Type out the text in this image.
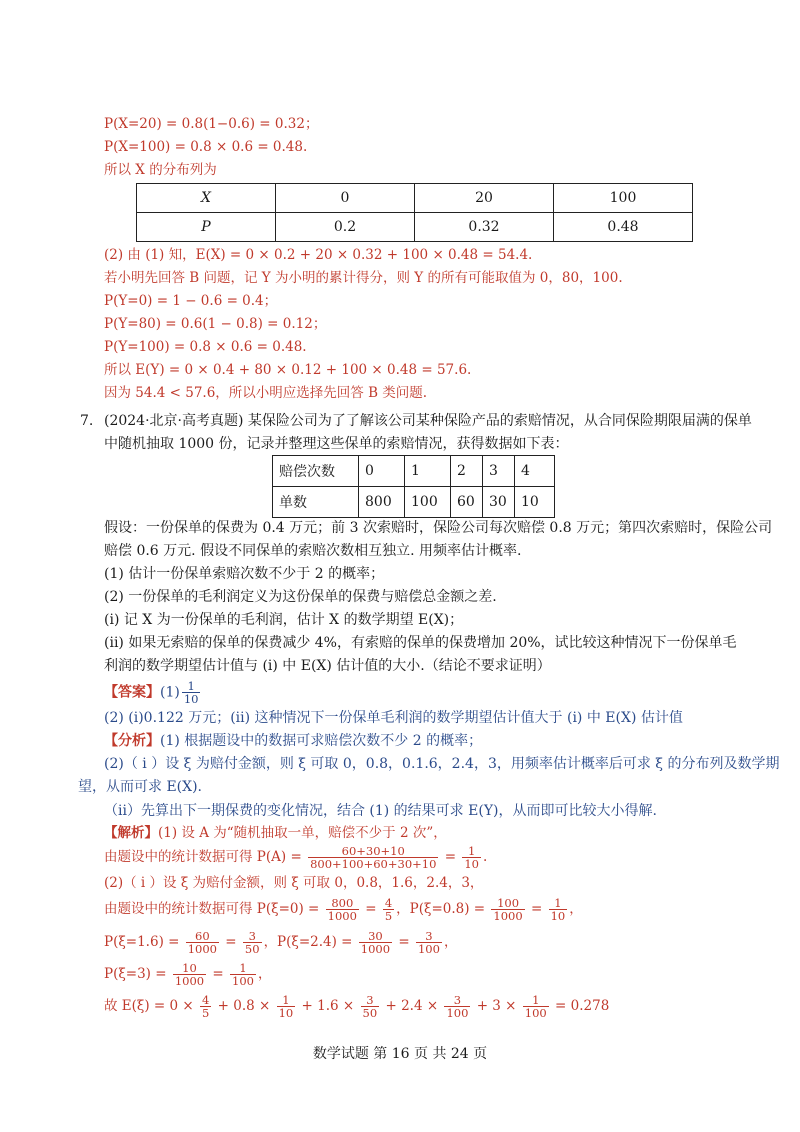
P(X=20) = 0.8(1−0.6) = 0.32；
P(X=100) = 0.8 × 0.6 = 0.48.
所以 X 的分布列为
X	0	20	100
P	0.2	0.32	0.48
(2) 由 (1) 知，E(X) = 0 × 0.2 + 20 × 0.32 + 100 × 0.48 = 54.4.
若小明先回答 B 问题，记 Y 为小明的累计得分，则 Y 的所有可能取值为 0，80，100.
P(Y=0) = 1 − 0.6 = 0.4；
P(Y=80) = 0.6(1 − 0.8) = 0.12；
P(Y=100) = 0.8 × 0.6 = 0.48.
所以 E(Y) = 0 × 0.4 + 80 × 0.12 + 100 × 0.48 = 57.6.
因为 54.4 < 57.6，所以小明应选择先回答 B 类问题.
7. (2024·北京·高考真题) 某保险公司为了了解该公司某种保险产品的索赔情况，从合同保险期限届满的保单
中随机抽取 1000 份，记录并整理这些保单的索赔情况，获得数据如下表：
赔偿次数	0	1	2	3	4
单数	800	100	60	30	10
假设：一份保单的保费为 0.4 万元；前 3 次索赔时，保险公司每次赔偿 0.8 万元；第四次索赔时，保险公司
赔偿 0.6 万元. 假设不同保单的索赔次数相互独立. 用频率估计概率.
(1) 估计一份保单索赔次数不少于 2 的概率；
(2) 一份保单的毛利润定义为这份保单的保费与赔偿总金额之差.
(i) 记 X 为一份保单的毛利润，估计 X 的数学期望 E(X)；
(ii) 如果无索赔的保单的保费减少 4%，有索赔的保单的保费增加 20%，试比较这种情况下一份保单毛
利润的数学期望估计值与 (i) 中 E(X) 估计值的大小.（结论不要求证明）
【答案】$(1) \frac{1}{10}$
(2) (i)0.122 万元；(ii) 这种情况下一份保单毛利润的数学期望估计值大于 (i) 中 E(X) 估计值
【分析】(1) 根据题设中的数据可求赔偿次数不少 2 的概率；
(2)（ i ）设 ξ 为赔付金额，则 ξ 可取 0，0.8，0.1.6，2.4，3，用频率估计概率后可求 ξ 的分布列及数学期
望，从而可求 E(X).
（ii）先算出下一期保费的变化情况，结合 (1) 的结果可求 E(Y)，从而即可比较大小得解.
【解析】(1) 设 A 为“随机抽取一单，赔偿不少于 2 次”，
由题设中的统计数据可得 $P(A) = \frac{60+30+10}{800+100+60+30+10} = \frac{1}{10}$ .
(2)（ i ）设 ξ 为赔付金额，则 ξ 可取 0，0.8，1.6，2.4，3，
由题设中的统计数据可得 $P(\xi=0) = \frac{800}{1000} = \frac{4}{5}$ ，$P(\xi=0.8) = \frac{100}{1000} = \frac{1}{10}$ ，
$P(\xi=1.6) = \frac{60}{1000} = \frac{3}{50}$ ，$P(\xi=2.4) = \frac{30}{1000} = \frac{3}{100}$ ，
$P(\xi=3) = \frac{10}{1000} = \frac{1}{100}$ ，
故 $E(\xi) = 0 \times \frac{4}{5} + 0.8 \times \frac{1}{10} + 1.6 \times \frac{3}{50} + 2.4 \times \frac{3}{100} + 3 \times \frac{1}{100} = 0.278$
数学试题 第 16 页 共 24 页
